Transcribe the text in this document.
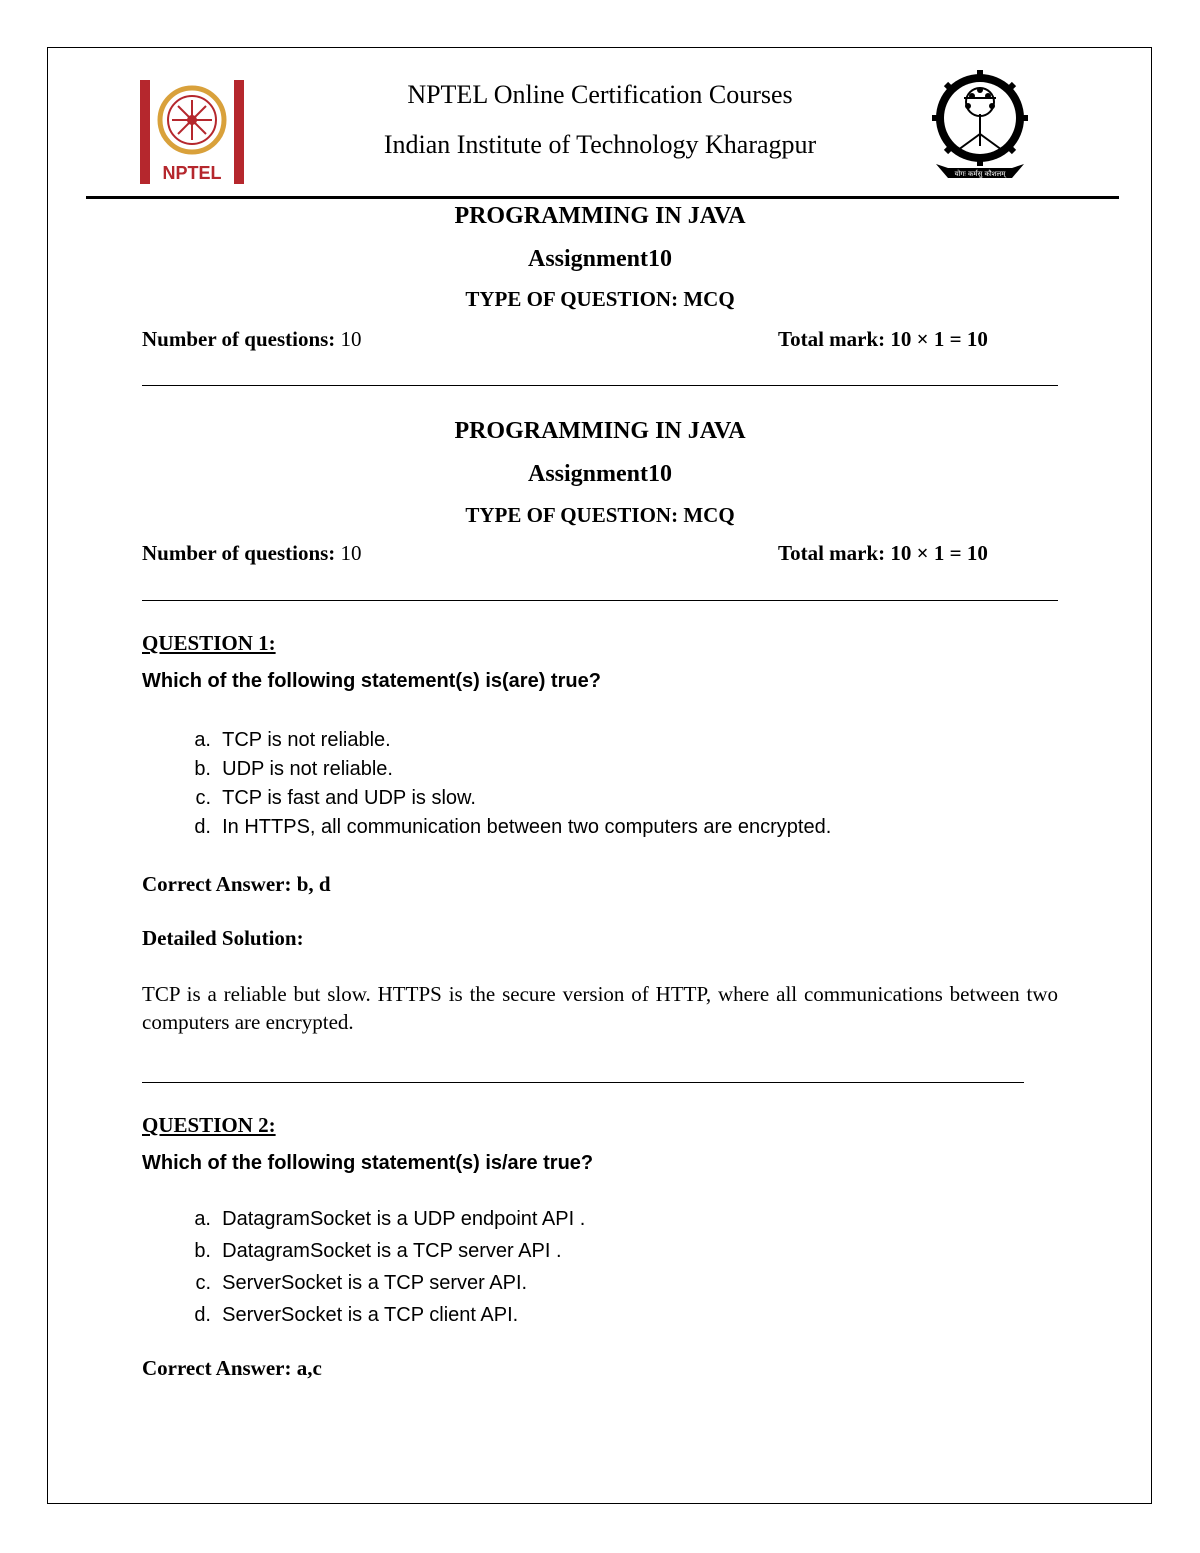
NPTEL
NPTEL Online Certification Courses
Indian Institute of Technology Kharagpur
योगः कर्मसु कौशलम्
PROGRAMMING IN JAVA
Assignment10
TYPE OF QUESTION: MCQ
Number of questions: 10	Total mark: 10 × 1 = 10
PROGRAMMING IN JAVA
Assignment10
TYPE OF QUESTION: MCQ
Number of questions: 10	Total mark: 10 × 1 = 10
QUESTION 1:
Which of the following statement(s) is(are) true?
a.
TCP is not reliable.
b.
UDP is not reliable.
c.
TCP is fast and UDP is slow.
d.
In HTTPS, all communication between two computers are encrypted.
Correct Answer: b, d
Detailed Solution:
TCP is a reliable but slow. HTTPS is the secure version of HTTP, where all communications between two computers are encrypted.
QUESTION 2:
Which of the following statement(s) is/are true?
a.
DatagramSocket is a UDP endpoint API .
b.
DatagramSocket is a TCP server API .
c.
ServerSocket is a TCP server API.
d.
ServerSocket is a TCP client API.
Correct Answer: a,c
